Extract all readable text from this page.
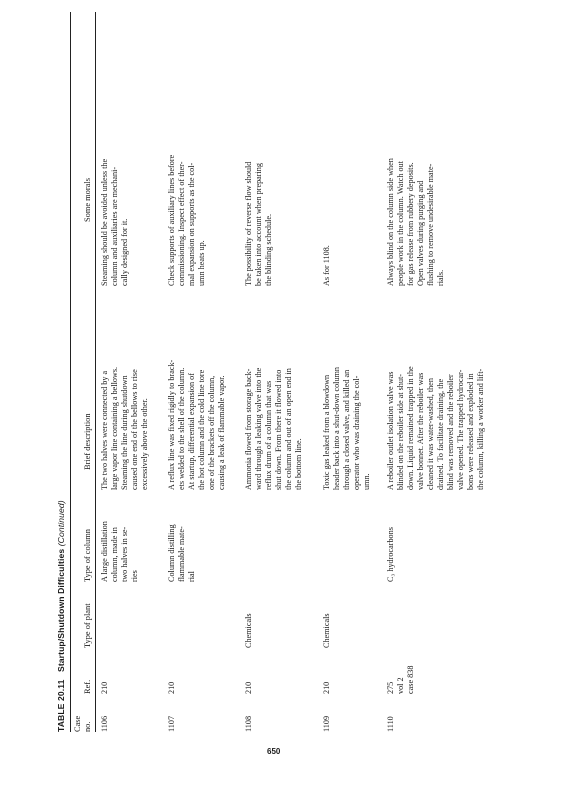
TABLE 20.11   Startup/Shutdown Difficulties (Continued)
Case
no.
Ref.
Type of plant
Type of column
Brief description
Some morals
1106
210
A large distillation
column, made in
two halves in se-
ries
The two halves were connected by a
large vapor line containing a bellows.
Steaming the line during shutdown
caused one end of the bellows to rise
excessively above the other.
Steaming should be avoided unless the
column and auxiliaries are mechani-
cally designed for it.
1107
210
Column distilling
flammable mate-
rial
A reflux line was fixed rigidly to brack-
ets welded to the shell of the column.
At startup, differential expansion of
the hot column and the cold line tore
one of the brackets off the column,
causing a leak of flammable vapor.
Check supports of auxiliary lines before
commissioning. Inspect effect of ther-
mal expansion on supports as the col-
umn heats up.
1108
210
Chemicals
Ammonia flowed from storage back-
ward through a leaking valve into the
reflux drum of a column that was
shut down. From there it flowed into
the column and out of an open end in
the bottom line.
The possibility of reverse flow should
be taken into account when preparing
the blinding schedule.
1109
210
Chemicals
Toxic gas leaked from a blowdown
header back into a shut-down column
through a closed valve, and killed an
operator who was draining the col-
umn.
As for 1108.
1110
275
vol 2
case 838
C₃ hydrocarbons
A reboiler outlet isolation valve was
blinded on the reboiler side at shut-
down. Liquid remained trapped in the
valve bonnet. After the reboiler was
cleaned it was water-washed, then
drained. To facilitate draining, the
blind was removed and the reboiler
valve opened. The trapped hydrocar-
bons were released and exploded in
the column, killing a worker and lift-
Always blind on the column side when
people work in the column. Watch out
for gas release from rubbery deposits.
Open valves during purging and
flushing to remove undesirable mate-
rials.
650
